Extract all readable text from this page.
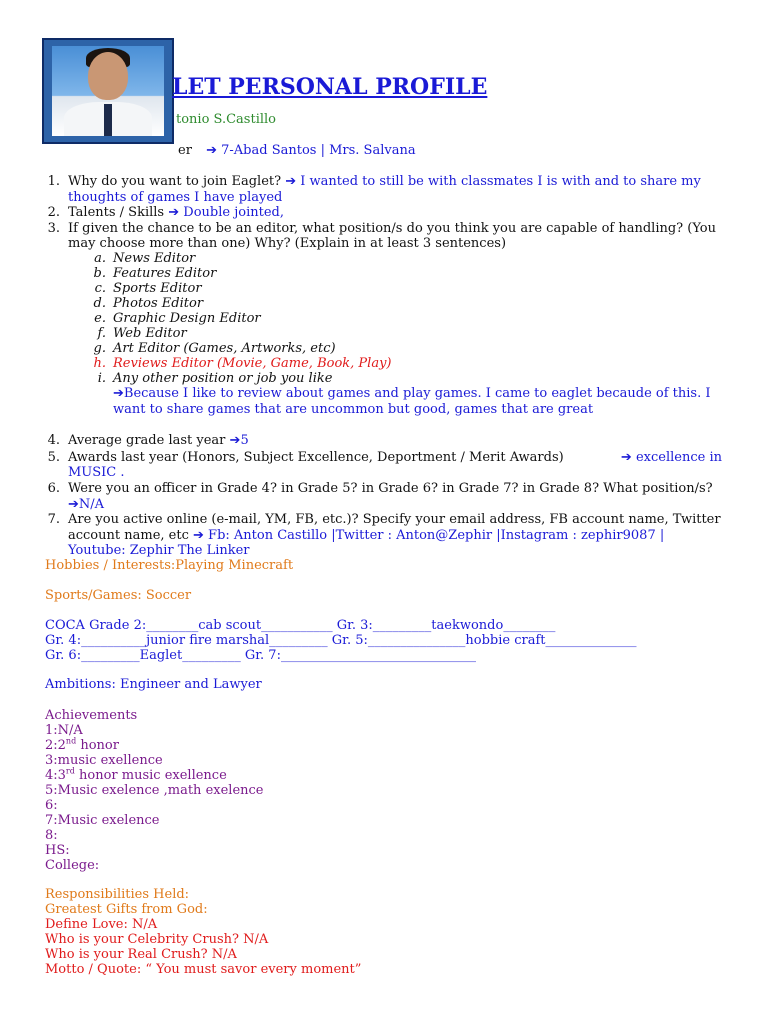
LET PERSONAL PROFILE
tonio S.Castillo
er ➔ 7-Abad Santos | Mrs. Salvana
1. Why do you want to join Eaglet? ➔ I wanted to still be with classmates I is with and to share my
thoughts of games I have played
2. Talents / Skills ➔ Double jointed,
3. If given the chance to be an editor, what position/s do you think you are capable of handling? (You
may choose more than one) Why? (Explain in at least 3 sentences)
a. News Editor
b. Features Editor
c. Sports Editor
d. Photos Editor
e. Graphic Design Editor
f. Web Editor
g. Art Editor (Games, Artworks, etc)
h. Reviews Editor (Movie, Game, Book, Play)
i. Any other position or job you like
➔Because I like to review about games and play games. I came to eaglet becaude of this. I
want to share games that are uncommon but good, games that are great
4. Average grade last year ➔5
5. Awards last year (Honors, Subject Excellence, Deportment / Merit Awards)	➔ excellence in
MUSIC .
6. Were you an officer in Grade 4? in Grade 5? in Grade 6? in Grade 7? in Grade 8? What position/s?
➔N/A
7. Are you active online (e-mail, YM, FB, etc.)? Specify your email address, FB account name, Twitter
account name, etc ➔ Fb: Anton Castillo |Twitter : Anton@Zephir |Instagram : zephir9087 |
Youtube: Zephir The Linker
Hobbies / Interests:Playing Minecraft
Sports/Games: Soccer
COCA Grade 2:________cab scout___________ Gr. 3:_________taekwondo________
Gr. 4:__________junior fire marshal_________ Gr. 5:_______________hobbie craft______________
Gr. 6:_________Eaglet_________ Gr. 7:______________________________
Ambitions: Engineer and Lawyer
Achievements
1:N/A
2:2nd honor
3:music exellence
4:3rd honor music exellence
5:Music exelence ,math exelence
6:
7:Music exelence
8:
HS:
College:
Responsibilities Held:
Greatest Gifts from God:
Define Love: N/A
Who is your Celebrity Crush? N/A
Who is your Real Crush? N/A
Motto / Quote: “ You must savor every moment”
